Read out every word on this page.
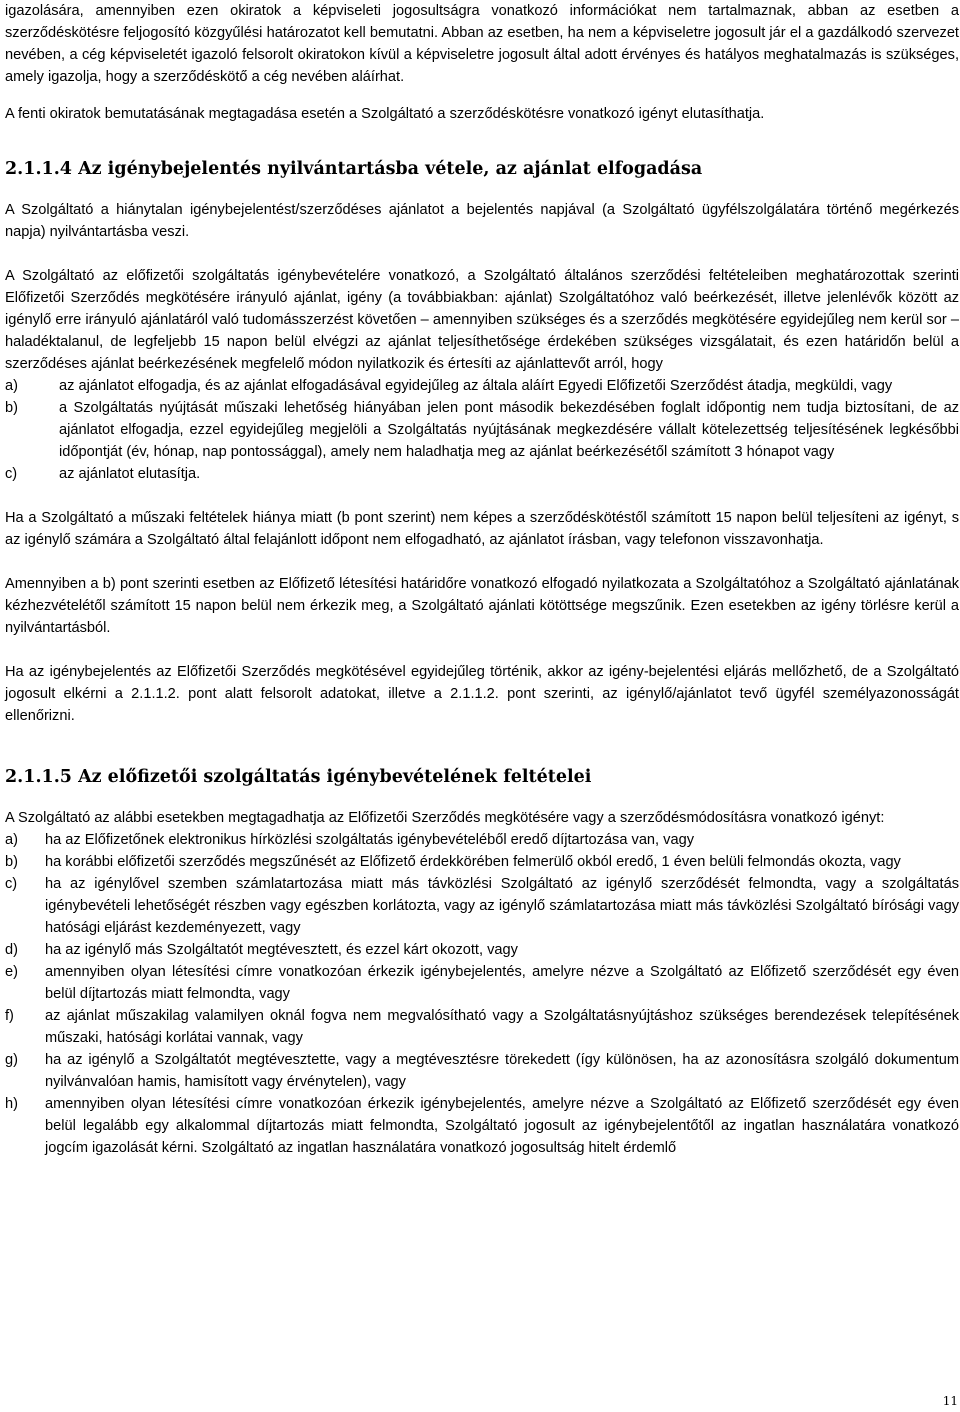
igazolására, amennyiben ezen okiratok a képviseleti jogosultságra vonatkozó információkat nem tartalmaznak, abban az esetben a szerződéskötésre feljogosító közgyűlési határozatot kell bemutatni. Abban az esetben, ha nem a képviseletre jogosult jár el a gazdálkodó szervezet nevében, a cég képviseletét igazoló felsorolt okiratokon kívül a képviseletre jogosult által adott érvényes és hatályos meghatalmazás is szükséges, amely igazolja, hogy a szerződéskötő a cég nevében aláírhat.

A fenti okiratok bemutatásának megtagadása esetén a Szolgáltató a szerződéskötésre vonatkozó igényt elutasíthatja.

2.1.1.4 Az igénybejelentés nyilvántartásba vétele, az ajánlat elfogadása

A Szolgáltató a hiánytalan igénybejelentést/szerződéses ajánlatot a bejelentés napjával (a Szolgáltató ügyfélszolgálatára történő megérkezés napja) nyilvántartásba veszi.

A Szolgáltató az előfizetői szolgáltatás igénybevételére vonatkozó, a Szolgáltató általános szerződési feltételeiben meghatározottak szerinti Előfizetői Szerződés megkötésére irányuló ajánlat, igény (a továbbiakban: ajánlat) Szolgáltatóhoz való beérkezését, illetve jelenlévők között az igénylő erre irányuló ajánlatáról való tudomásszerzést követően – amennyiben szükséges és a szerződés megkötésére egyidejűleg nem kerül sor – haladéktalanul, de legfeljebb 15 napon belül elvégzi az ajánlat teljesíthetősége érdekében szükséges vizsgálatait, és ezen határidőn belül a szerződéses ajánlat beérkezésének megfelelő módon nyilatkozik és értesíti az ajánlattevőt arról, hogy

a)	az ajánlatot elfogadja, és az ajánlat elfogadásával egyidejűleg az általa aláírt Egyedi Előfizetői Szerződést átadja, megküldi, vagy
b)	a Szolgáltatás nyújtását műszaki lehetőség hiányában jelen pont második bekezdésében foglalt időpontig nem tudja biztosítani, de az ajánlatot elfogadja, ezzel egyidejűleg megjelöli a Szolgáltatás nyújtásának megkezdésére vállalt kötelezettség teljesítésének legkésőbbi időpontját (év, hónap, nap pontossággal), amely nem haladhatja meg az ajánlat beérkezésétől számított 3 hónapot vagy
c)	az ajánlatot elutasítja.

Ha a Szolgáltató a műszaki feltételek hiánya miatt (b pont szerint) nem képes a szerződéskötéstől számított 15 napon belül teljesíteni az igényt, s az igénylő számára a Szolgáltató által felajánlott időpont nem elfogadható, az ajánlatot írásban, vagy telefonon visszavonhatja.

Amennyiben a b) pont szerinti esetben az Előfizető létesítési határidőre vonatkozó elfogadó nyilatkozata a Szolgáltatóhoz a Szolgáltató ajánlatának kézhezvételétől számított 15 napon belül nem érkezik meg, a Szolgáltató ajánlati kötöttsége megszűnik. Ezen esetekben az igény törlésre kerül a nyilvántartásból.

Ha az igénybejelentés az Előfizetői Szerződés megkötésével egyidejűleg történik, akkor az igény-bejelentési eljárás mellőzhető, de a Szolgáltató jogosult elkérni a 2.1.1.2. pont alatt felsorolt adatokat, illetve a 2.1.1.2. pont szerinti, az igénylő/ajánlatot tevő ügyfél személyazonosságát ellenőrizni.

2.1.1.5 Az előfizetői szolgáltatás igénybevételének feltételei

A Szolgáltató az alábbi esetekben megtagadhatja az Előfizetői Szerződés megkötésére vagy a szerződésmódosításra vonatkozó igényt:

a)	ha az Előfizetőnek elektronikus hírközlési szolgáltatás igénybevételéből eredő díjtartozása van, vagy
b)	ha korábbi előfizetői szerződés megszűnését az Előfizető érdekkörében felmerülő okból eredő, 1 éven belüli felmondás okozta, vagy
c)	ha az igénylővel szemben számlatartozása miatt más távközlési Szolgáltató az igénylő szerződését felmondta, vagy a szolgáltatás igénybevételi lehetőségét részben vagy egészben korlátozta, vagy az igénylő számlatartozása miatt más távközlési Szolgáltató bírósági vagy hatósági eljárást kezdeményezett, vagy
d)	ha az igénylő más Szolgáltatót megtévesztett, és ezzel kárt okozott, vagy
e)	amennyiben olyan létesítési címre vonatkozóan érkezik igénybejelentés, amelyre nézve a Szolgáltató az Előfizető szerződését egy éven belül díjtartozás miatt felmondta, vagy
f)	az ajánlat műszakilag valamilyen oknál fogva nem megvalósítható vagy a Szolgáltatásnyújtáshoz szükséges berendezések telepítésének műszaki, hatósági korlátai vannak, vagy
g)	ha az igénylő a Szolgáltatót megtévesztette, vagy a megtévesztésre törekedett (így különösen, ha az azonosításra szolgáló dokumentum nyilvánvalóan hamis, hamisított vagy érvénytelen), vagy
h)	amennyiben olyan létesítési címre vonatkozóan érkezik igénybejelentés, amelyre nézve a Szolgáltató az Előfizető szerződését egy éven belül legalább egy alkalommal díjtartozás miatt felmondta, Szolgáltató jogosult az igénybejelentőtől az ingatlan használatára vonatkozó jogcím igazolását kérni. Szolgáltató az ingatlan használatára vonatkozó jogosultság hitelt érdemlő
11
